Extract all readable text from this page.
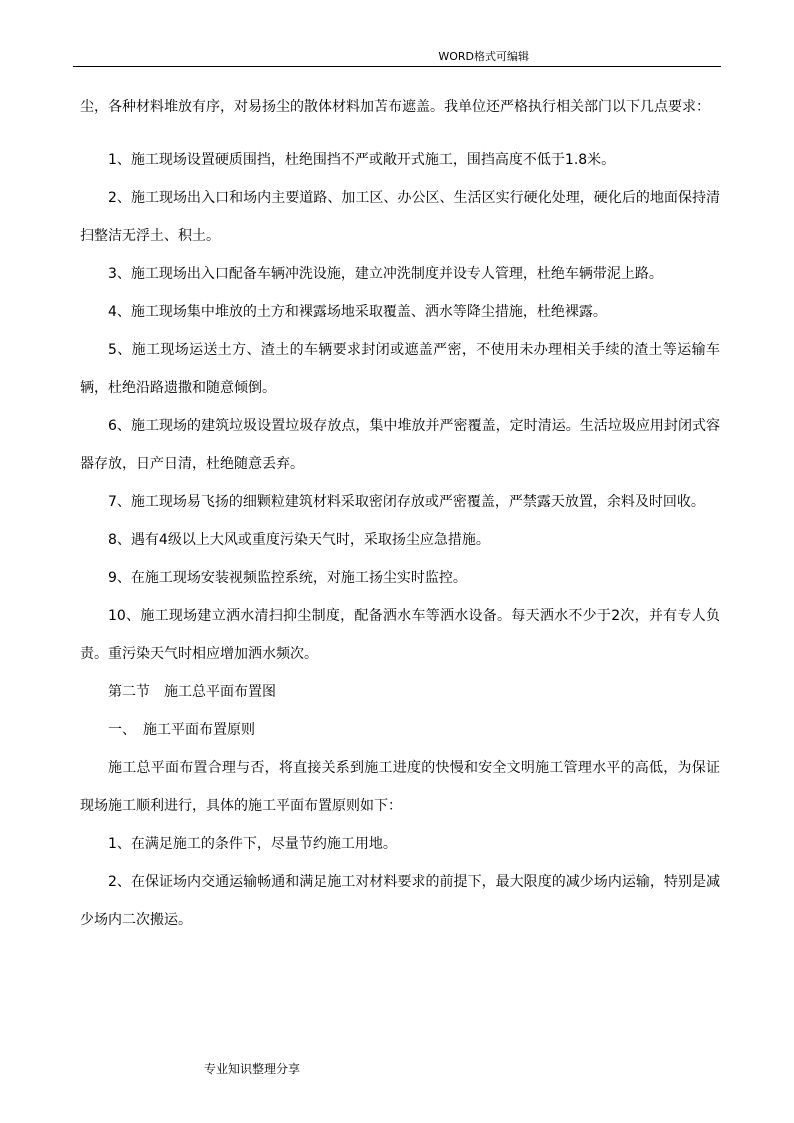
WORD格式可编辑
尘，各种材料堆放有序，对易扬尘的散体材料加苫布遮盖。我单位还严格执行相关部门以下几点要求：
1、施工现场设置硬质围挡，杜绝围挡不严或敞开式施工，围挡高度不低于1.8米。
2、施工现场出入口和场内主要道路、加工区、办公区、生活区实行硬化处理，硬化后的地面保持清扫整洁无浮土、积土。
3、施工现场出入口配备车辆冲洗设施，建立冲洗制度并设专人管理，杜绝车辆带泥上路。
4、施工现场集中堆放的土方和裸露场地采取覆盖、洒水等降尘措施，杜绝裸露。
5、施工现场运送土方、渣土的车辆要求封闭或遮盖严密，不使用未办理相关手续的渣土等运输车辆，杜绝沿路遗撒和随意倾倒。
6、施工现场的建筑垃圾设置垃圾存放点，集中堆放并严密覆盖，定时清运。生活垃圾应用封闭式容器存放，日产日清，杜绝随意丢弃。
7、施工现场易飞扬的细颗粒建筑材料采取密闭存放或严密覆盖，严禁露天放置，余料及时回收。
8、遇有4级以上大风或重度污染天气时，采取扬尘应急措施。
9、在施工现场安装视频监控系统，对施工扬尘实时监控。
10、施工现场建立洒水清扫抑尘制度，配备洒水车等洒水设备。每天洒水不少于2次，并有专人负责。重污染天气时相应增加洒水频次。
第二节　施工总平面布置图
一、　施工平面布置原则
施工总平面布置合理与否，将直接关系到施工进度的快慢和安全文明施工管理水平的高低，为保证现场施工顺利进行，具体的施工平面布置原则如下：
1、在满足施工的条件下，尽量节约施工用地。
2、在保证场内交通运输畅通和满足施工对材料要求的前提下，最大限度的减少场内运输，特别是减少场内二次搬运。
专业知识整理分享
